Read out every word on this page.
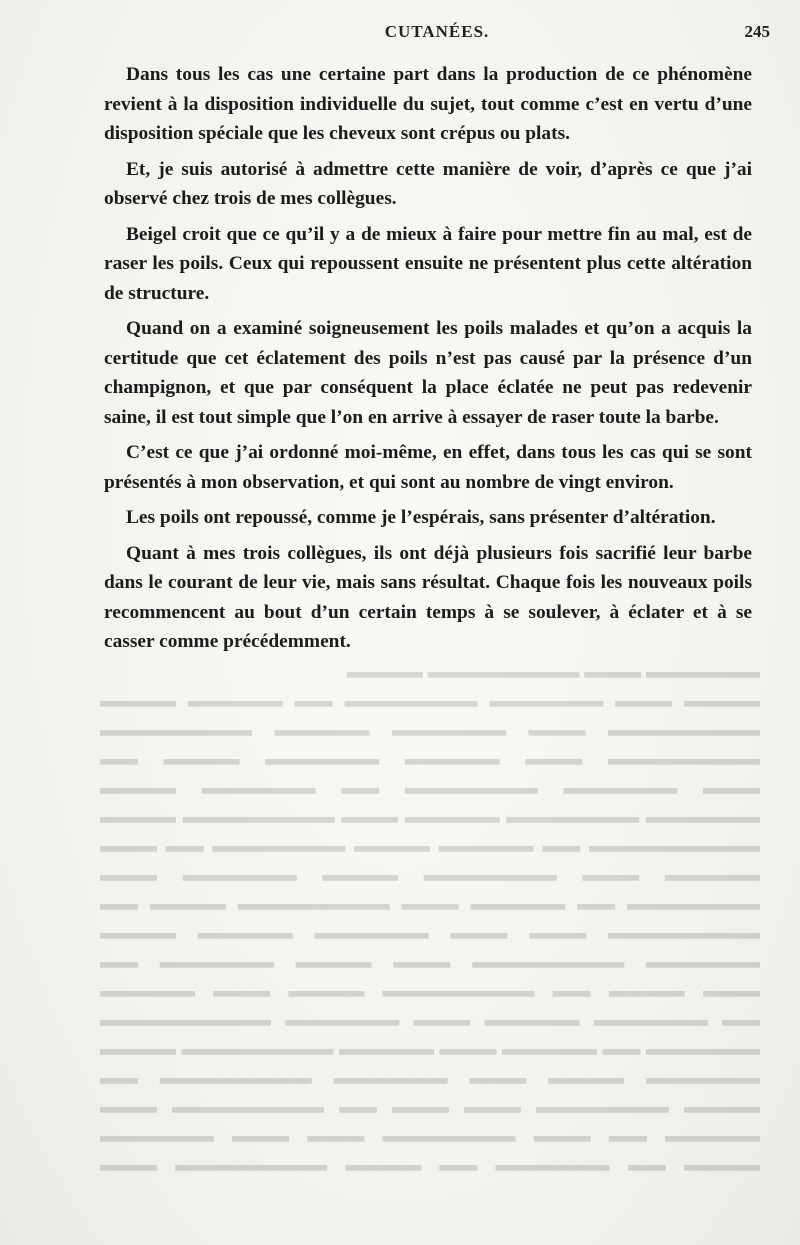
CUTANÉES.	245

Dans tous les cas une certaine part dans la production de ce phénomène revient à la disposition individuelle du sujet, tout comme c’est en vertu d’une disposition spéciale que les cheveux sont crépus ou plats.

Et, je suis autorisé à admettre cette manière de voir, d’après ce que j’ai observé chez trois de mes collègues.

Beigel croit que ce qu’il y a de mieux à faire pour mettre fin au mal, est de raser les poils. Ceux qui repoussent ensuite ne présentent plus cette altération de structure.

Quand on a examiné soigneusement les poils malades et qu’on a acquis la certitude que cet éclatement des poils n’est pas causé par la présence d’un champignon, et que par conséquent la place éclatée ne peut pas redevenir saine, il est tout simple que l’on en arrive à essayer de raser toute la barbe.

C’est ce que j’ai ordonné moi-même, en effet, dans tous les cas qui se sont présentés à mon observation, et qui sont au nombre de vingt environ.

Les poils ont repoussé, comme je l’espérais, sans présenter d’altération.

Quant à mes trois collègues, ils ont déjà plusieurs fois sacrifié leur barbe dans le courant de leur vie, mais sans résultat. Chaque fois les nouveaux poils recommencent au bout d’un certain temps à se soulever, à éclater et à se casser comme précédemment.

▬▬▬▬ ▬▬ ▬▬▬▬▬▬ ▬▬ ▬▬▬▬ ▬▬▬▬▬▬▬▬ ▬▬▬ ▬▬▬▬▬ ▬▬ ▬▬▬ ▬▬▬▬▬▬▬ ▬▬▬ ▬▬▬ ▬▬▬▬▬▬ ▬▬▬▬ ▬▬▬▬▬▬▬ ▬▬▬ ▬▬▬ ▬▬ ▬▬▬▬▬▬▬▬ ▬▬▬ ▬▬▬▬▬▬ ▬▬▬▬ ▬▬▬ ▬▬▬▬▬▬ ▬▬▬▬▬▬▬▬ ▬▬ ▬▬▬▬▬▬ ▬▬ ▬▬▬▬▬ ▬▬▬ ▬▬▬▬▬ ▬▬▬▬▬▬▬▬ ▬▬▬▬ ▬▬ ▬▬▬▬▬▬ ▬▬▬▬▬ ▬▬▬ ▬▬▬▬▬▬ ▬▬▬▬▬▬▬▬▬ ▬▬▬ ▬▬▬▬ ▬▬ ▬▬▬▬▬▬▬▬ ▬▬▬▬ ▬▬▬ ▬▬▬▬▬ ▬▬▬▬▬▬ ▬▬▬▬▬▬▬▬ ▬▬▬ ▬▬▬▬ ▬▬▬▬▬▬ ▬▬ ▬▬▬▬▬▬▬▬ ▬▬▬ ▬▬▬ ▬▬▬▬▬▬ ▬▬▬▬▬ ▬▬▬▬ ▬▬▬▬▬▬▬ ▬▬ ▬▬▬▬▬ ▬▬▬ ▬▬▬▬▬▬▬▬ ▬▬▬▬ ▬▬ ▬▬▬▬▬ ▬▬▬ ▬▬▬▬▬▬▬ ▬▬▬▬ ▬▬▬▬▬▬ ▬▬▬ ▬▬▬▬▬▬▬▬▬ ▬▬ ▬▬▬▬▬ ▬▬▬▬ ▬▬▬▬▬▬▬ ▬▬ ▬▬▬ ▬▬▬▬▬▬ ▬▬▬▬▬▬▬ ▬▬▬▬▬ ▬▬▬ ▬▬▬▬▬▬▬▬ ▬▬▬▬ ▬▬▬ ▬▬▬▬▬▬ ▬▬▬▬▬▬▬ ▬▬ ▬▬▬▬▬▬ ▬▬▬▬ ▬▬▬▬▬▬▬▬ ▬▬▬ ▬▬▬▬▬ ▬▬▬▬▬▬ ▬▬▬▬ ▬▬ ▬▬▬▬▬▬▬▬ ▬▬▬ ▬▬▬▬▬▬ ▬▬▬▬▬ ▬▬▬▬▬▬▬▬ ▬▬▬▬ ▬▬▬ ▬▬▬▬▬▬ ▬▬▬▬▬▬▬ ▬▬ ▬▬▬▬▬ ▬▬▬▬ ▬▬▬▬▬▬ ▬▬▬ ▬▬▬▬▬▬▬▬ ▬▬▬▬
